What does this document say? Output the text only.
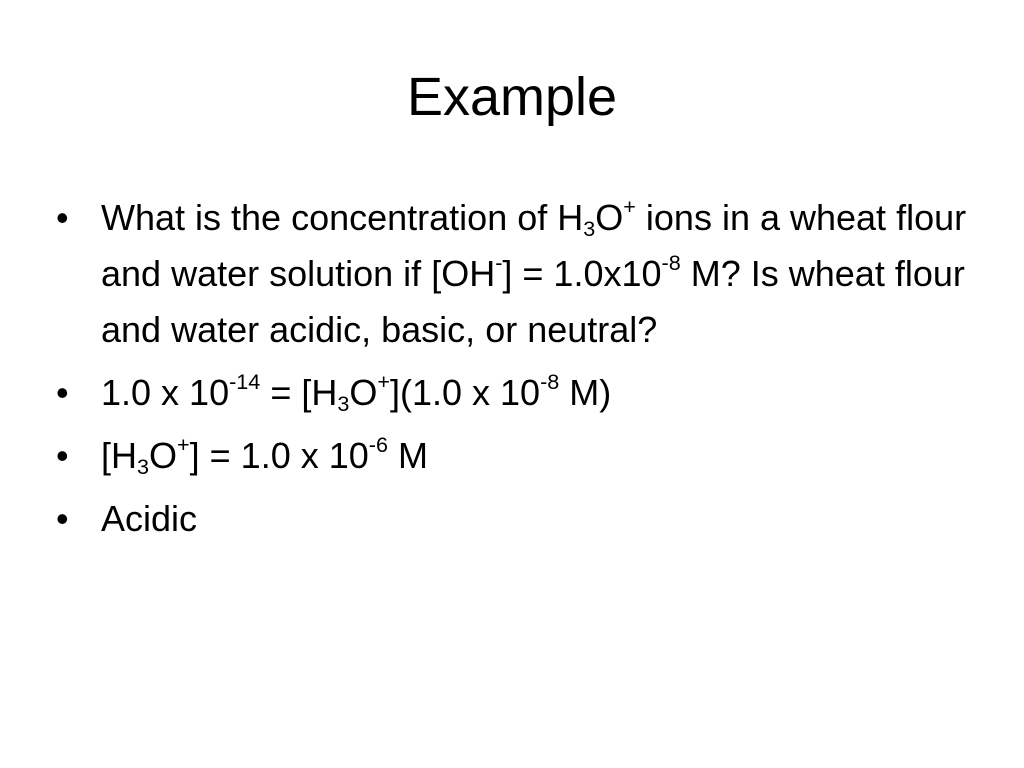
Example
• What is the concentration of $H_3O^+$ ions in a wheat flour and water solution if $[OH^-] = 1.0x10^{-8}$ M? Is wheat flour and water acidic, basic, or neutral?
• 1.0 x $10^{-14} = [H_3O^+](1.0$ x $10^{-8}$ M)
• $[H_3O^+] = 1.0$ x $10^{-6}$ M
• Acidic
